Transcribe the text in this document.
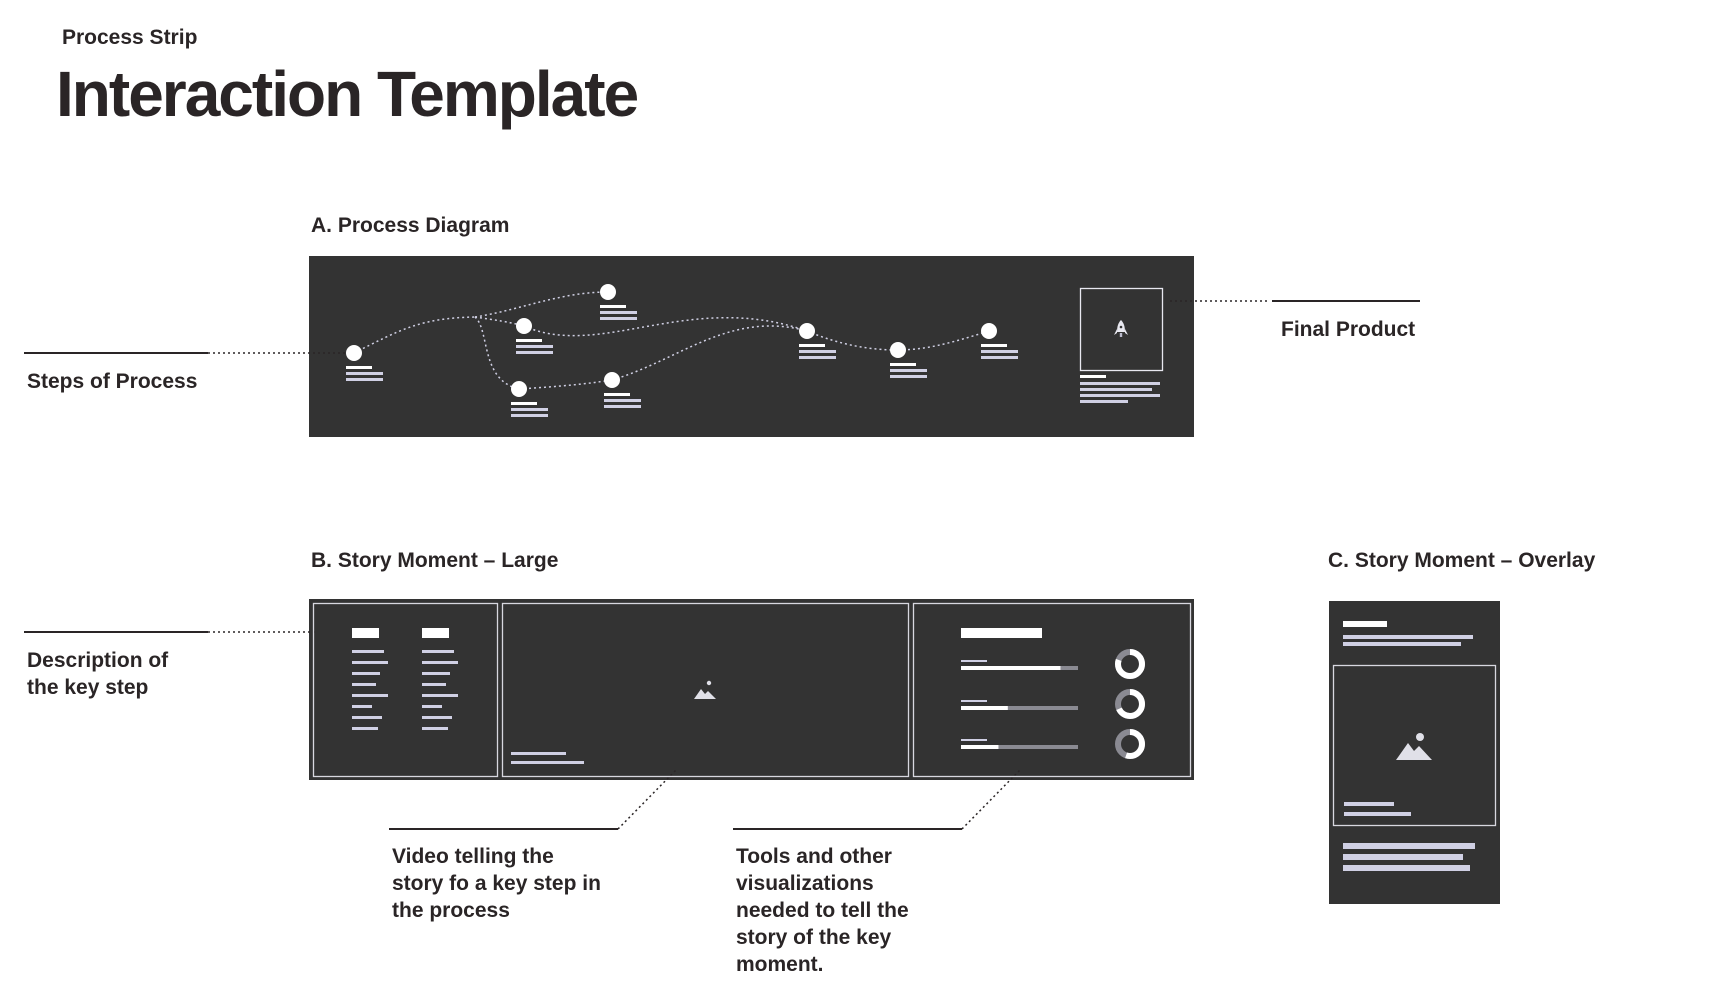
Process Strip
Interaction Template
A. Process Diagram
B. Story Moment – Large	C. Story Moment – Overlay
Steps of Process
Final Product
Description of
the key step
Video telling the
story fo a key step in
the process
Tools and other
visualizations
needed to tell the
story of the key
moment.
